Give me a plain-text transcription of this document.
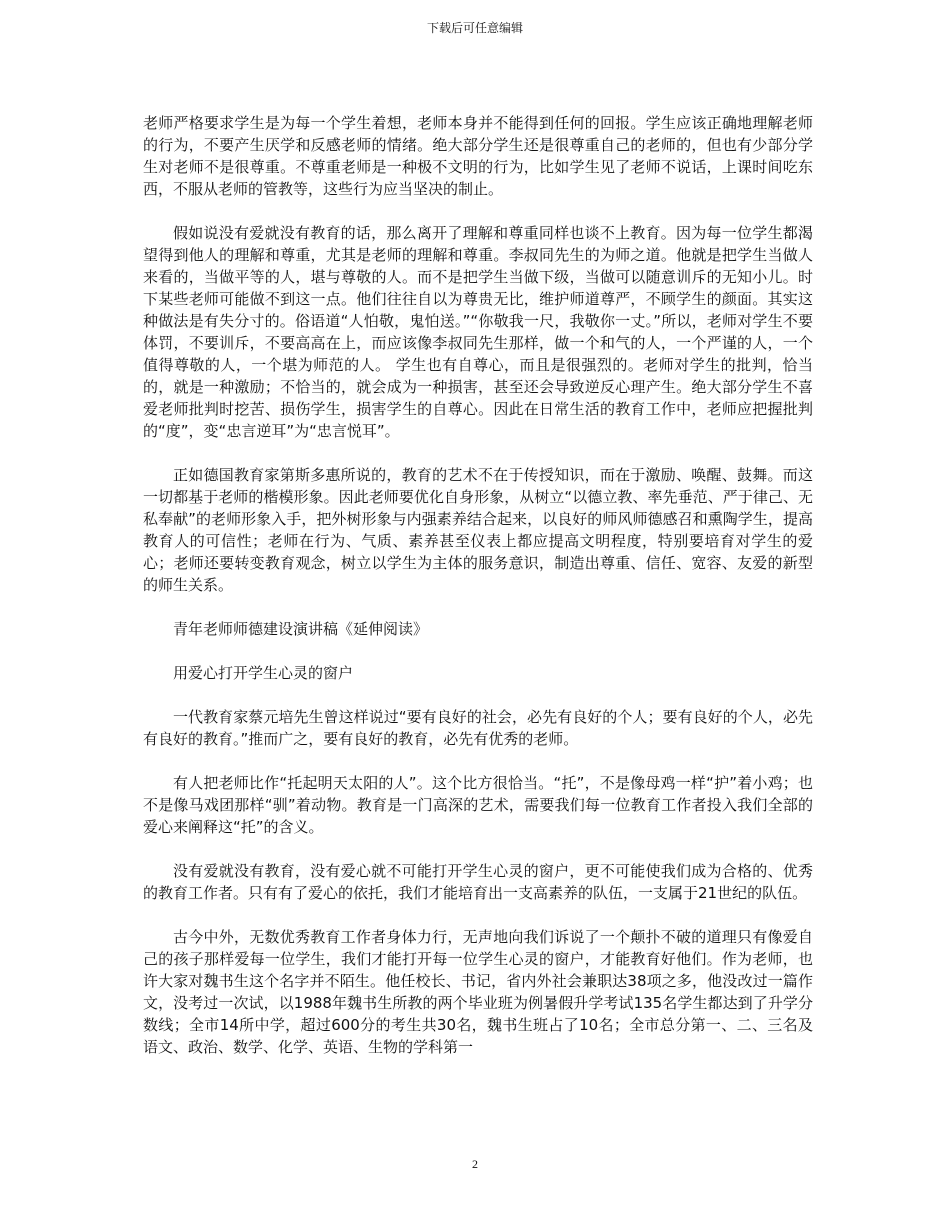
下载后可任意编辑

老师严格要求学生是为每一个学生着想，老师本身并不能得到任何的回报。学生应该正确地理解老师的行为，不要产生厌学和反感老师的情绪。绝大部分学生还是很尊重自己的老师的，但也有少部分学生对老师不是很尊重。不尊重老师是一种极不文明的行为，比如学生见了老师不说话，上课时间吃东西，不服从老师的管教等，这些行为应当坚决的制止。

假如说没有爱就没有教育的话，那么离开了理解和尊重同样也谈不上教育。因为每一位学生都渴望得到他人的理解和尊重，尤其是老师的理解和尊重。李叔同先生的为师之道。他就是把学生当做人来看的，当做平等的人，堪与尊敬的人。而不是把学生当做下级，当做可以随意训斥的无知小儿。时下某些老师可能做不到这一点。他们往往自以为尊贵无比，维护师道尊严，不顾学生的颜面。其实这种做法是有失分寸的。俗语道“人怕敬，鬼怕送。”“你敬我一尺，我敬你一丈。”所以，老师对学生不要体罚，不要训斥，不要高高在上，而应该像李叔同先生那样，做一个和气的人，一个严谨的人，一个值得尊敬的人，一个堪为师范的人。 学生也有自尊心，而且是很强烈的。老师对学生的批判，恰当的，就是一种激励；不恰当的，就会成为一种损害，甚至还会导致逆反心理产生。绝大部分学生不喜爱老师批判时挖苦、损伤学生，损害学生的自尊心。因此在日常生活的教育工作中，老师应把握批判的“度”，变“忠言逆耳”为“忠言悦耳”。

正如德国教育家第斯多惠所说的，教育的艺术不在于传授知识，而在于激励、唤醒、鼓舞。而这一切都基于老师的楷模形象。因此老师要优化自身形象，从树立“以德立教、率先垂范、严于律己、无私奉献”的老师形象入手，把外树形象与内强素养结合起来，以良好的师风师德感召和熏陶学生，提高教育人的可信性；老师在行为、气质、素养甚至仪表上都应提高文明程度，特别要培育对学生的爱心；老师还要转变教育观念，树立以学生为主体的服务意识，制造出尊重、信任、宽容、友爱的新型的师生关系。

青年老师师德建设演讲稿《延伸阅读》

用爱心打开学生心灵的窗户

一代教育家蔡元培先生曾这样说过“要有良好的社会，必先有良好的个人；要有良好的个人，必先有良好的教育。”推而广之，要有良好的教育，必先有优秀的老师。

有人把老师比作“托起明天太阳的人”。这个比方很恰当。“托”，不是像母鸡一样“护”着小鸡；也不是像马戏团那样“驯”着动物。教育是一门高深的艺术，需要我们每一位教育工作者投入我们全部的爱心来阐释这“托”的含义。

没有爱就没有教育，没有爱心就不可能打开学生心灵的窗户，更不可能使我们成为合格的、优秀的教育工作者。只有有了爱心的依托，我们才能培育出一支高素养的队伍，一支属于21世纪的队伍。

古今中外，无数优秀教育工作者身体力行，无声地向我们诉说了一个颠扑不破的道理只有像爱自己的孩子那样爱每一位学生，我们才能打开每一位学生心灵的窗户，才能教育好他们。作为老师，也许大家对魏书生这个名字并不陌生。他任校长、书记，省内外社会兼职达38项之多，他没改过一篇作文，没考过一次试，以1988年魏书生所教的两个毕业班为例暑假升学考试135名学生都达到了升学分数线；全市14所中学，超过600分的考生共30名，魏书生班占了10名；全市总分第一、二、三名及语文、政治、数学、化学、英语、生物的学科第一

2
